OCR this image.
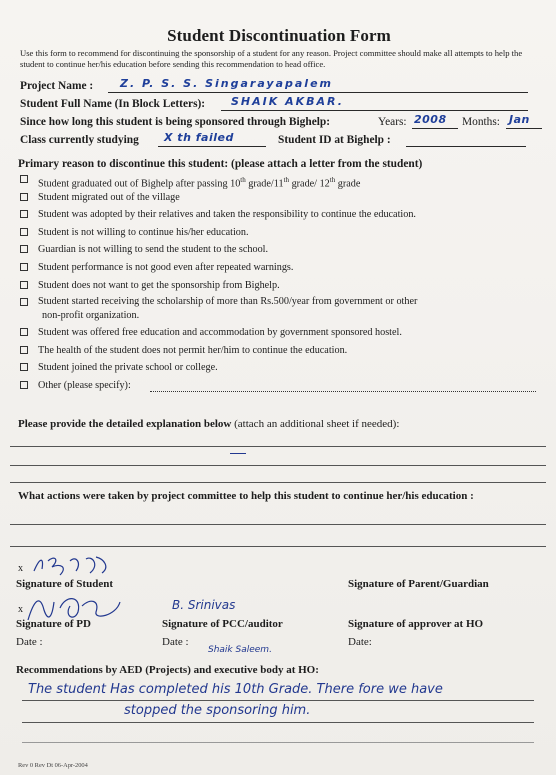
Student Discontinuation Form
Use this form to recommend for discontinuing the sponsorship of a student for any reason. Project committee should make all attempts to help the student to continue her/his education before sending this recommendation to head office.
Project Name : Z. P. S. S. Singarayapalem
Student Full Name (In Block Letters): SHAIK AKBAR.
Since how long this student is being sponsored through Bighelp:	Years: 2008 Months: Jan
Class currently studying X th failed	Student ID at Bighelp :
Primary reason to discontinue this student: (please attach a letter from the student)
Student graduated out of Bighelp after passing 10th grade/11th grade/ 12th grade
Student migrated out of the village
Student was adopted by their relatives and taken the responsibility to continue the education.
Student is not willing to continue his/her education.
Guardian is not willing to send the student to the school.
Student performance is not good even after repeated warnings.
Student does not want to get the sponsorship from Bighelp.
Student started receiving the scholarship of more than Rs.500/year from government or other
non-profit organization.
Student was offered free education and accommodation by government sponsored hostel.
The health of the student does not permit her/him to continue the education.
Student joined the private school or college.
Other (please specify):
Please provide the detailed explanation below (attach an additional sheet if needed):
What actions were taken by project committee to help this student to continue her/his education :
x
Signature of Student	Signature of Parent/Guardian
x	B. Srinivas
Signature of PD	Signature of PCC/auditor	Signature of approver at HO
Date :	Date :	Date:
Shaik Saleem.
Recommendations by AED (Projects) and executive body at HO:
The student Has completed his 10th Grade. There fore we have
stopped the sponsoring him.
Rev 0 Rev Dt 06-Apr-2004
